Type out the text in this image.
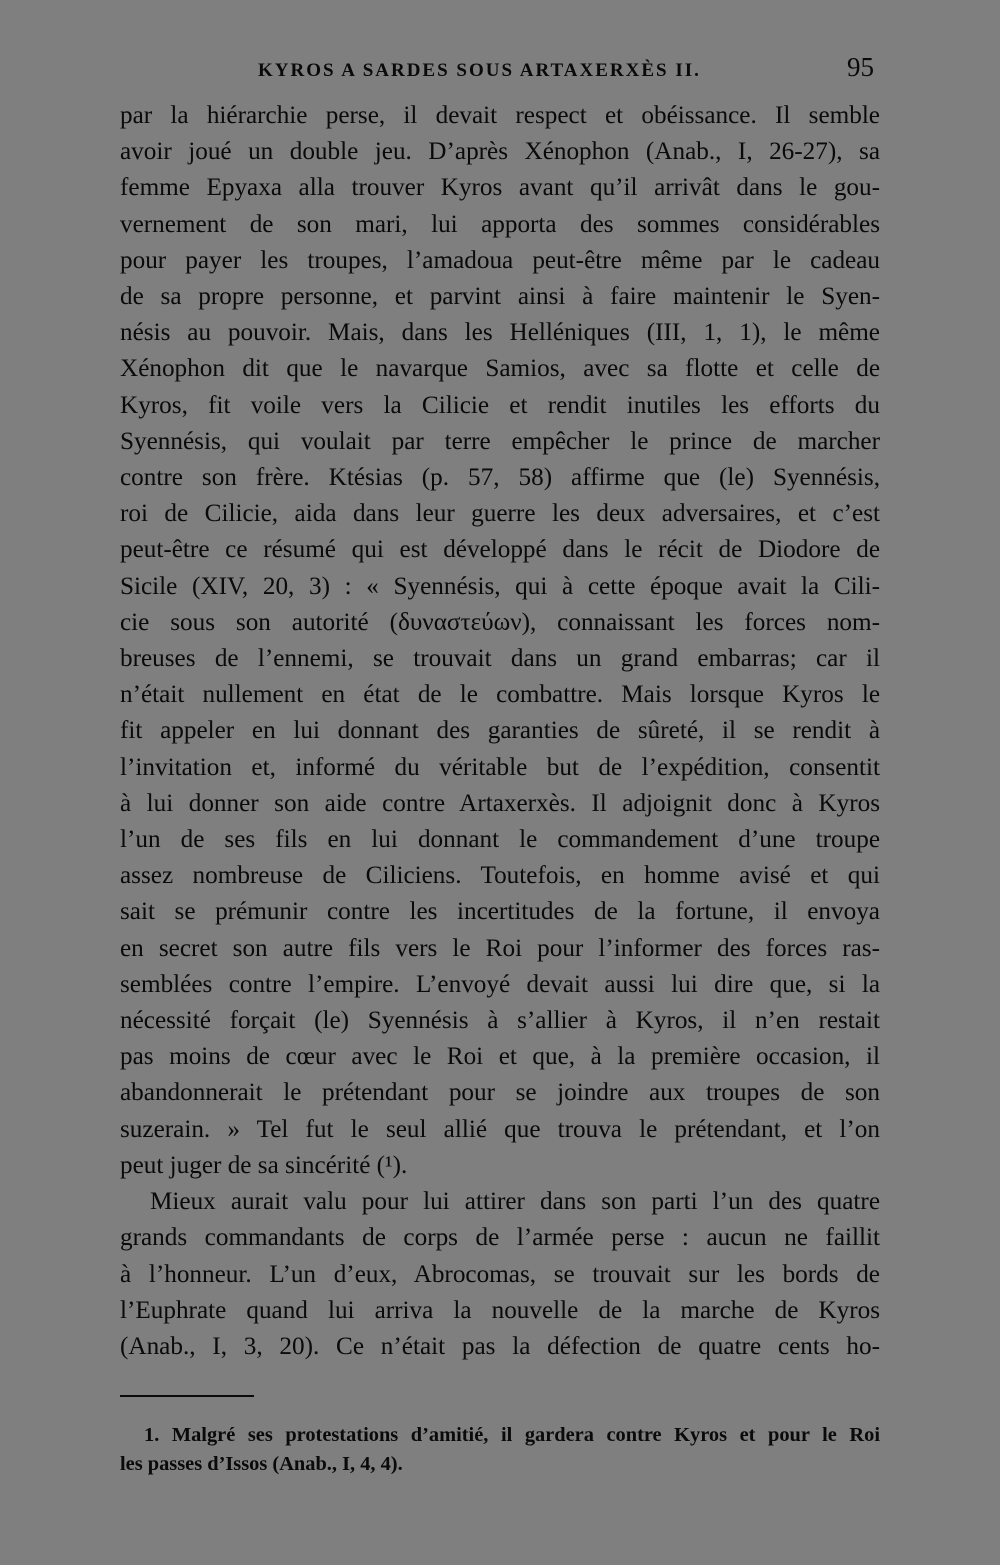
KYROS A SARDES SOUS ARTAXERXÈS II.	95
par la hiérarchie perse, il devait respect et obéissance. Il semble
avoir joué un double jeu. D’après Xénophon (Anab., I, 26-27), sa
femme Epyaxa alla trouver Kyros avant qu’il arrivât dans le gou-
vernement de son mari, lui apporta des sommes considérables
pour payer les troupes, l’amadoua peut-être même par le cadeau
de sa propre personne, et parvint ainsi à faire maintenir le Syen-
nésis au pouvoir. Mais, dans les Helléniques (III, 1, 1), le même
Xénophon dit que le navarque Samios, avec sa flotte et celle de
Kyros, fit voile vers la Cilicie et rendit inutiles les efforts du
Syennésis, qui voulait par terre empêcher le prince de marcher
contre son frère. Ktésias (p. 57, 58) affirme que (le) Syennésis,
roi de Cilicie, aida dans leur guerre les deux adversaires, et c’est
peut-être ce résumé qui est développé dans le récit de Diodore de
Sicile (XIV, 20, 3) : « Syennésis, qui à cette époque avait la Cili-
cie sous son autorité (δυναστεύων), connaissant les forces nom-
breuses de l’ennemi, se trouvait dans un grand embarras; car il
n’était nullement en état de le combattre. Mais lorsque Kyros le
fit appeler en lui donnant des garanties de sûreté, il se rendit à
l’invitation et, informé du véritable but de l’expédition, consentit
à lui donner son aide contre Artaxerxès. Il adjoignit donc à Kyros
l’un de ses fils en lui donnant le commandement d’une troupe
assez nombreuse de Ciliciens. Toutefois, en homme avisé et qui
sait se prémunir contre les incertitudes de la fortune, il envoya
en secret son autre fils vers le Roi pour l’informer des forces ras-
semblées contre l’empire. L’envoyé devait aussi lui dire que, si la
nécessité forçait (le) Syennésis à s’allier à Kyros, il n’en restait
pas moins de cœur avec le Roi et que, à la première occasion, il
abandonnerait le prétendant pour se joindre aux troupes de son
suzerain. » Tel fut le seul allié que trouva le prétendant, et l’on
peut juger de sa sincérité (¹).
Mieux aurait valu pour lui attirer dans son parti l’un des quatre
grands commandants de corps de l’armée perse : aucun ne faillit
à l’honneur. L’un d’eux, Abrocomas, se trouvait sur les bords de
l’Euphrate quand lui arriva la nouvelle de la marche de Kyros
(Anab., I, 3, 20). Ce n’était pas la défection de quatre cents ho-
1. Malgré ses protestations d’amitié, il gardera contre Kyros et pour le Roi
les passes d’Issos (Anab., I, 4, 4).
